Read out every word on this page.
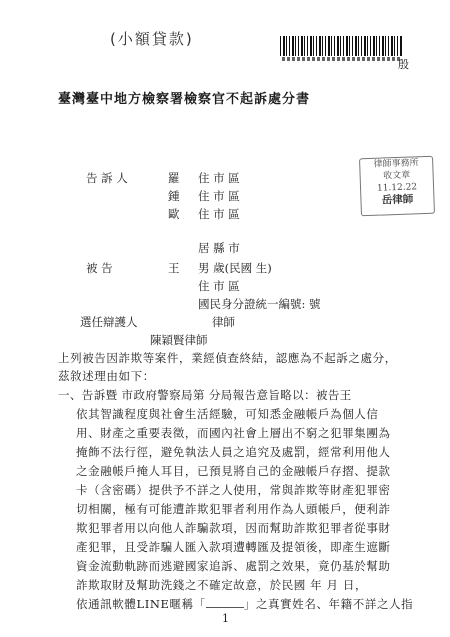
(小額貸款)
殷
臺灣臺中地方檢察署檢察官不起訴處分書
告 訴 人	羅 住 市 區
鍾 住 市 區
歐 住 市 區
律師事務所
收文章
11.12.22
岳律師
居 縣 市
被 告	王 男 歲(民國 生)
住 市 區
國民身分證統一編號: 號
選任辯護人	律師
陳穎賢律師
上列被告因詐欺等案件，業經偵查終結，認應為不起訴之處分，
茲敘述理由如下：
一、告訴暨 市政府警察局第 分局報告意旨略以：被告王
依其智識程度與社會生活經驗，可知悉金融帳戶為個人信
用、財產之重要表徵，而國內社會上層出不窮之犯罪集團為
掩飾不法行徑，避免執法人員之追究及處罰，經常利用他人
之金融帳戶掩人耳目，已預見將自己的金融帳戶存摺、提款
卡（含密碼）提供予不詳之人使用，常與詐欺等財產犯罪密
切相關，極有可能遭詐欺犯罪者利用作為人頭帳戶，便利詐
欺犯罪者用以向他人詐騙款項，因而幫助詐欺犯罪者從事財
產犯罪，且受詐騙人匯入款項遭轉匯及提領後，即產生遮斷
資金流動軌跡而逃避國家追訴、處罰之效果，竟仍基於幫助
詐欺取財及幫助洗錢之不確定故意，於民國 年 月 日，
依通訊軟體LINE暱稱「	」之真實姓名、年籍不詳之人指
1
